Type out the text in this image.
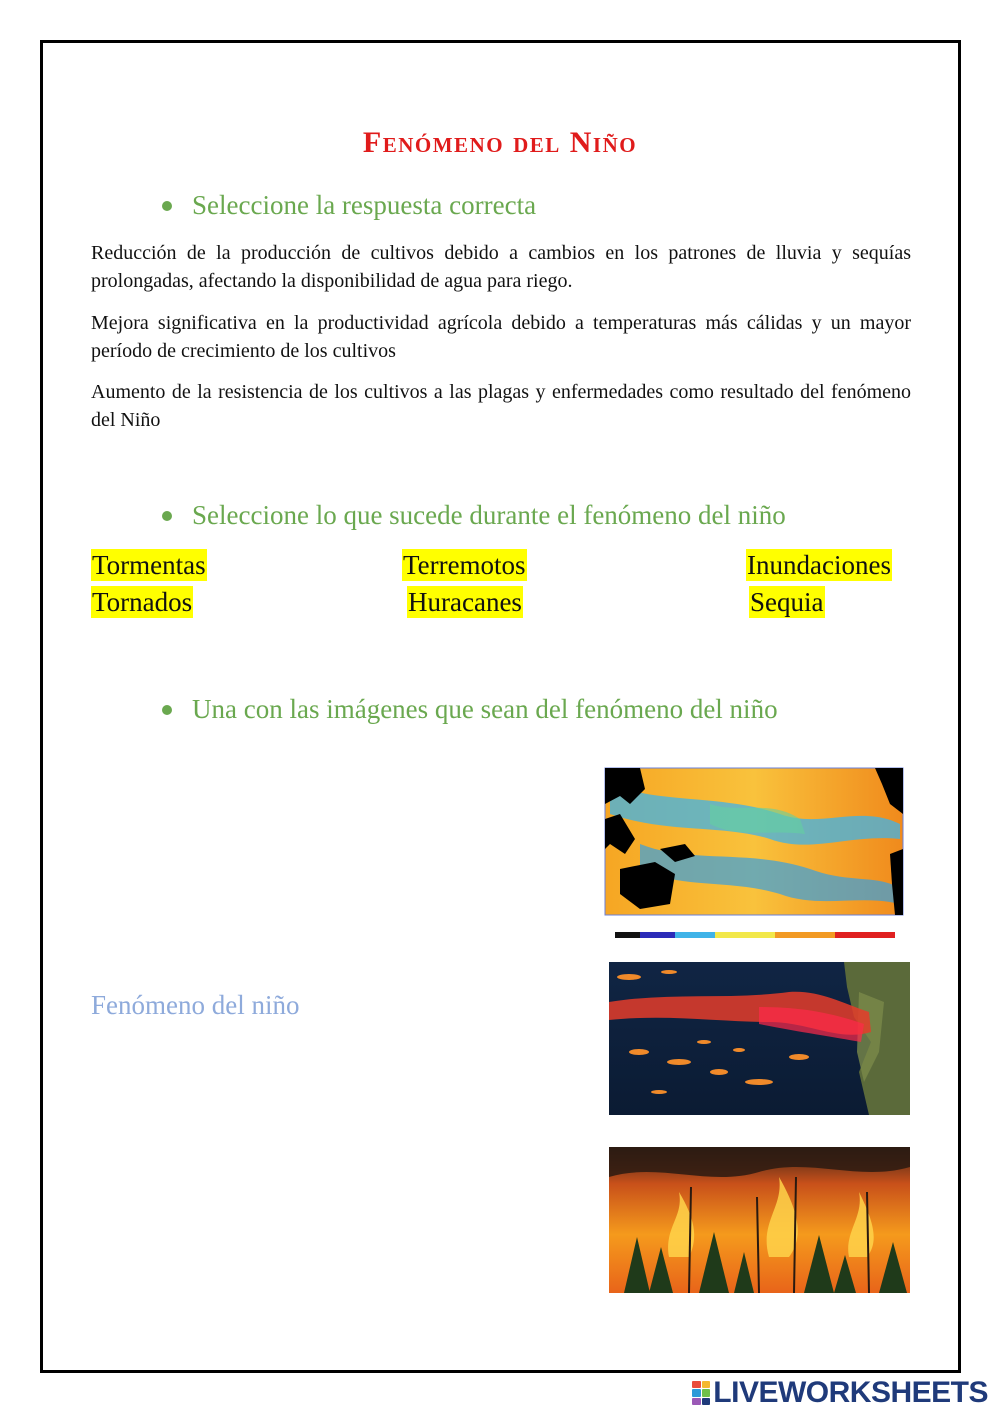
Fenómeno del Niño
Seleccione la respuesta correcta
Reducción de la producción de cultivos debido a cambios en los patrones de lluvia y sequías prolongadas, afectando la disponibilidad de agua para riego.
Mejora significativa en la productividad agrícola debido a temperaturas más cálidas y un mayor período de crecimiento de los cultivos
Aumento de la resistencia de los cultivos a las plagas y enfermedades como resultado del fenómeno del Niño
Seleccione lo que sucede durante el fenómeno del niño
Tormentas	Terremotos	Inundaciones
Tornados	Huracanes	Sequia
Una con las imágenes que sean del fenómeno del niño
Fenómeno del niño
LIVEWORKSHEETS
